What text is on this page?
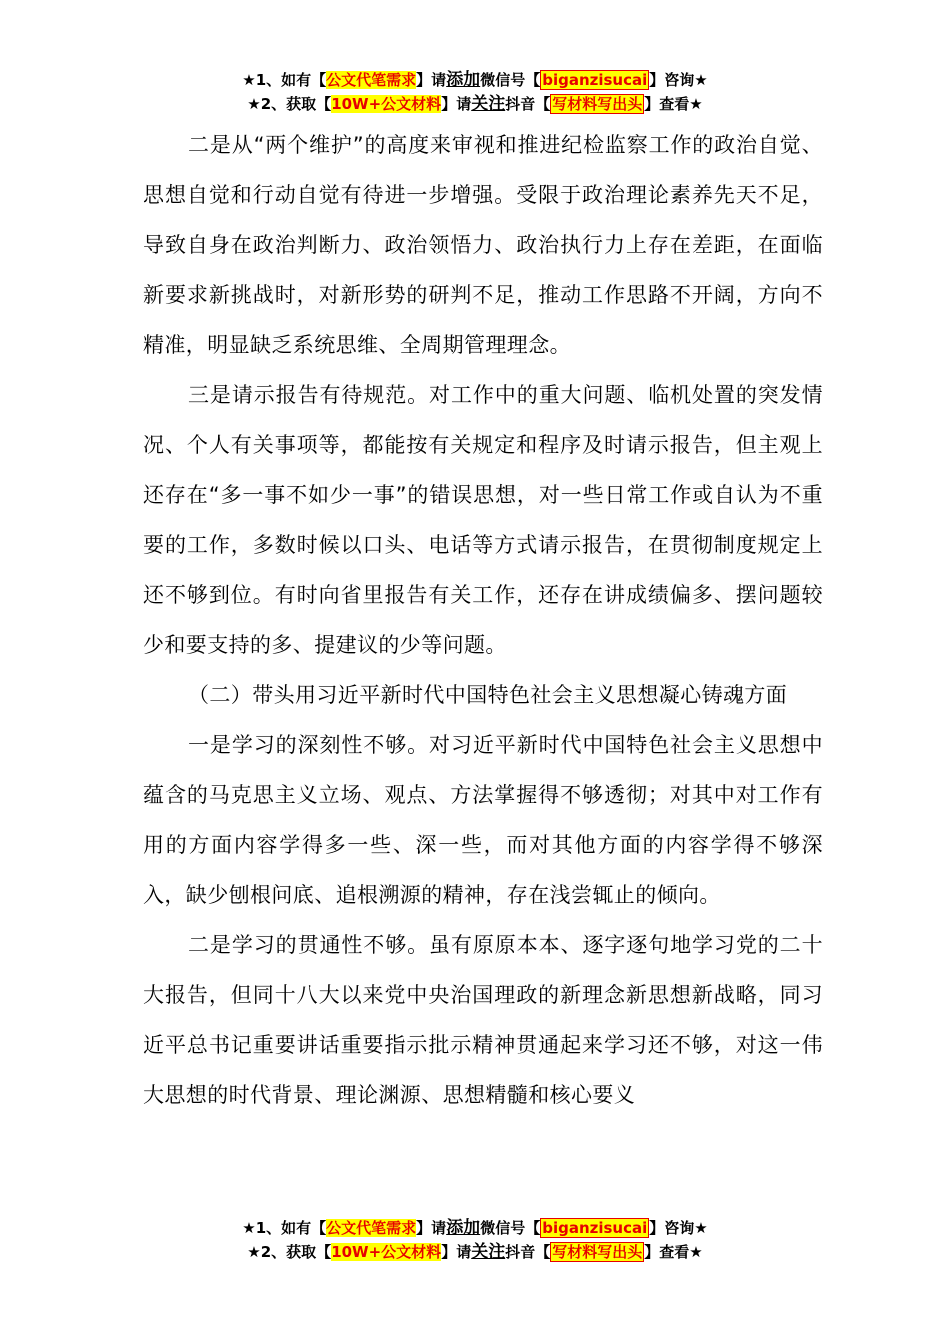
★1、如有【公文代笔需求】请添加微信号【 biganzisucai 】咨询★
★2、获取【10W+公文材料】请关注抖音【 写材料写出头 】查看★

二是从“两个维护”的高度来审视和推进纪检监察工作的政治自觉、思想自觉和行动自觉有待进一步增强。受限于政治理论素养先天不足，导致自身在政治判断力、政治领悟力、政治执行力上存在差距，在面临新要求新挑战时，对新形势的研判不足，推动工作思路不开阔，方向不精准，明显缺乏系统思维、全周期管理理念。

三是请示报告有待规范。对工作中的重大问题、临机处置的突发情况、个人有关事项等，都能按有关规定和程序及时请示报告，但主观上还存在“多一事不如少一事”的错误思想，对一些日常工作或自认为不重要的工作，多数时候以口头、电话等方式请示报告，在贯彻制度规定上还不够到位。有时向省里报告有关工作，还存在讲成绩偏多、摆问题较少和要支持的多、提建议的少等问题。

（二）带头用习近平新时代中国特色社会主义思想凝心铸魂方面

一是学习的深刻性不够。对习近平新时代中国特色社会主义思想中蕴含的马克思主义立场、观点、方法掌握得不够透彻；对其中对工作有用的方面内容学得多一些、深一些，而对其他方面的内容学得不够深入，缺少刨根问底、追根溯源的精神，存在浅尝辄止的倾向。

二是学习的贯通性不够。虽有原原本本、逐字逐句地学习党的二十大报告，但同十八大以来党中央治国理政的新理念新思想新战略，同习近平总书记重要讲话重要指示批示精神贯通起来学习还不够，对这一伟大思想的时代背景、理论渊源、思想精髓和核心要义

★1、如有【公文代笔需求】请添加微信号【 biganzisucai 】咨询★
★2、获取【10W+公文材料】请关注抖音【 写材料写出头 】查看★
